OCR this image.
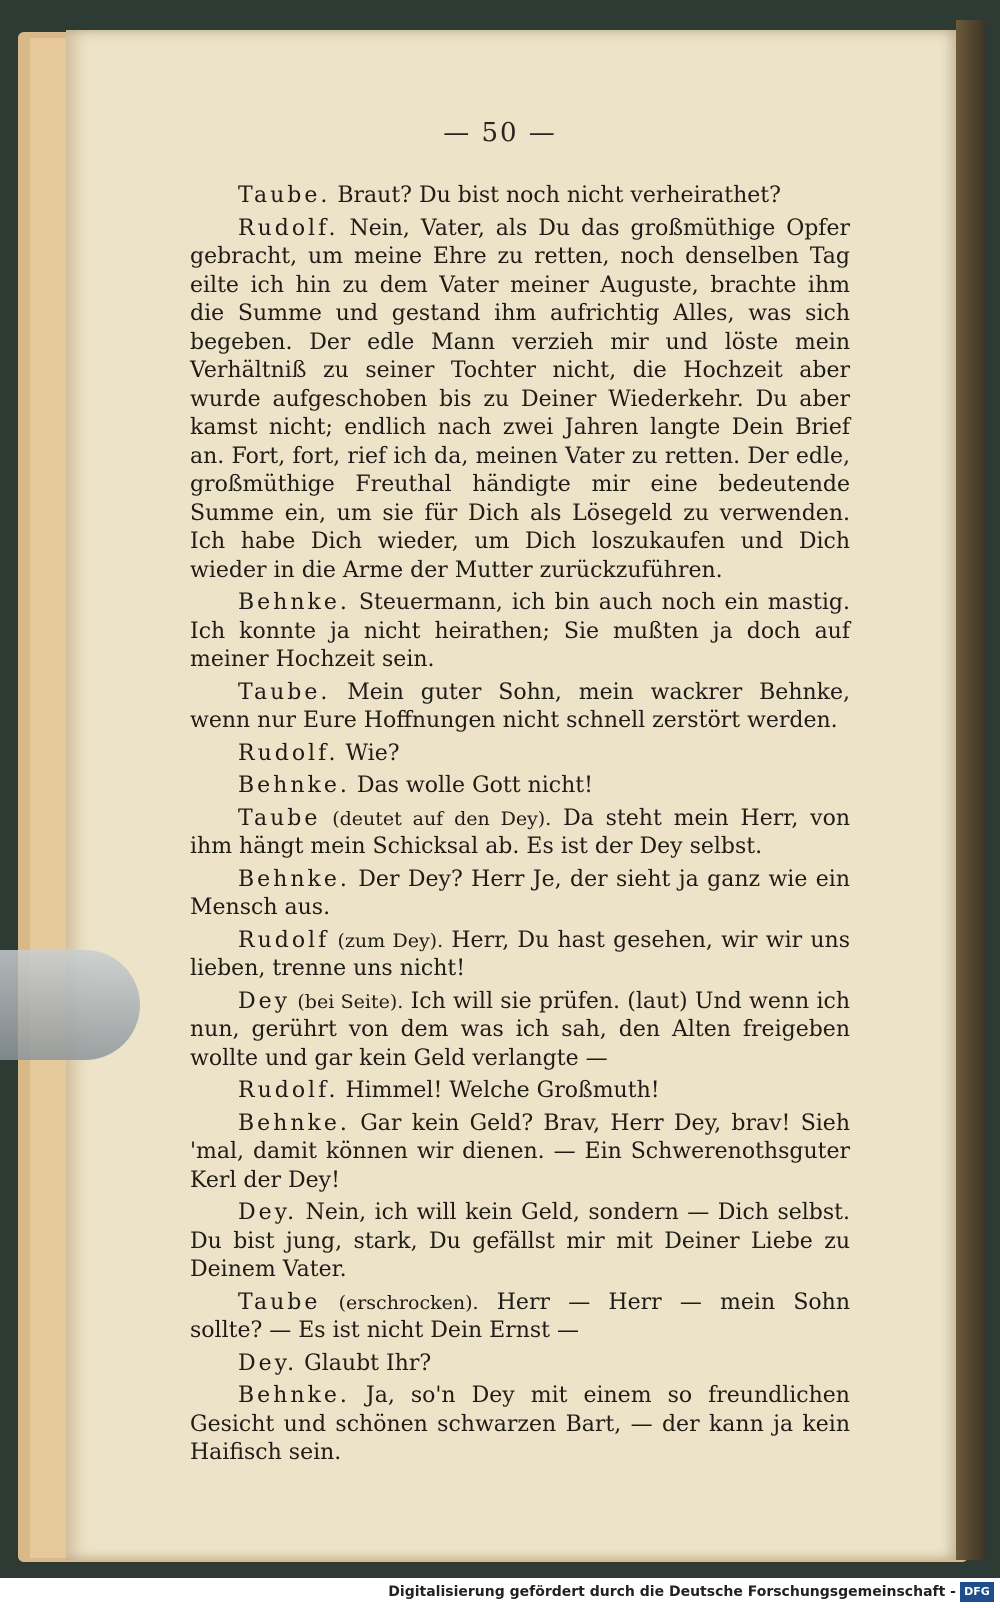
— 50 —

Taube. Braut? Du bist noch nicht verheirathet?

Rudolf. Nein, Vater, als Du das großmüthige Opfer gebracht, um meine Ehre zu retten, noch denselben Tag eilte ich hin zu dem Vater meiner Auguste, brachte ihm die Summe und gestand ihm aufrichtig Alles, was sich begeben. Der edle Mann verzieh mir und löste mein Verhältniß zu seiner Tochter nicht, die Hochzeit aber wurde aufgeschoben bis zu Deiner Wiederkehr. Du aber kamst nicht; endlich nach zwei Jahren langte Dein Brief an. Fort, fort, rief ich da, meinen Vater zu retten. Der edle, großmüthige Freuthal händigte mir eine bedeutende Summe ein, um sie für Dich als Lösegeld zu verwenden. Ich habe Dich wieder, um Dich loszukaufen und Dich wieder in die Arme der Mutter zurückzuführen.

Behnke. Steuermann, ich bin auch noch ein mastig. Ich konnte ja nicht heirathen; Sie mußten ja doch auf meiner Hochzeit sein.

Taube. Mein guter Sohn, mein wackrer Behnke, wenn nur Eure Hoffnungen nicht schnell zerstört werden.

Rudolf. Wie?

Behnke. Das wolle Gott nicht!

Taube (deutet auf den Dey). Da steht mein Herr, von ihm hängt mein Schicksal ab. Es ist der Dey selbst.

Behnke. Der Dey? Herr Je, der sieht ja ganz wie ein Mensch aus.

Rudolf (zum Dey). Herr, Du hast gesehen, wir wir uns lieben, trenne uns nicht!

Dey (bei Seite). Ich will sie prüfen. (laut) Und wenn ich nun, gerührt von dem was ich sah, den Alten freigeben wollte und gar kein Geld verlangte —

Rudolf. Himmel! Welche Großmuth!

Behnke. Gar kein Geld? Brav, Herr Dey, brav! Sieh 'mal, damit können wir dienen. — Ein Schwerenothsguter Kerl der Dey!

Dey. Nein, ich will kein Geld, sondern — Dich selbst. Du bist jung, stark, Du gefällst mir mit Deiner Liebe zu Deinem Vater.

Taube (erschrocken). Herr — Herr — mein Sohn sollte? — Es ist nicht Dein Ernst —

Dey. Glaubt Ihr?

Behnke. Ja, so'n Dey mit einem so freundlichen Gesicht und schönen schwarzen Bart, — der kann ja kein Haifisch sein.

Digitalisierung gefördert durch die Deutsche Forschungsgemeinschaft - DFG
